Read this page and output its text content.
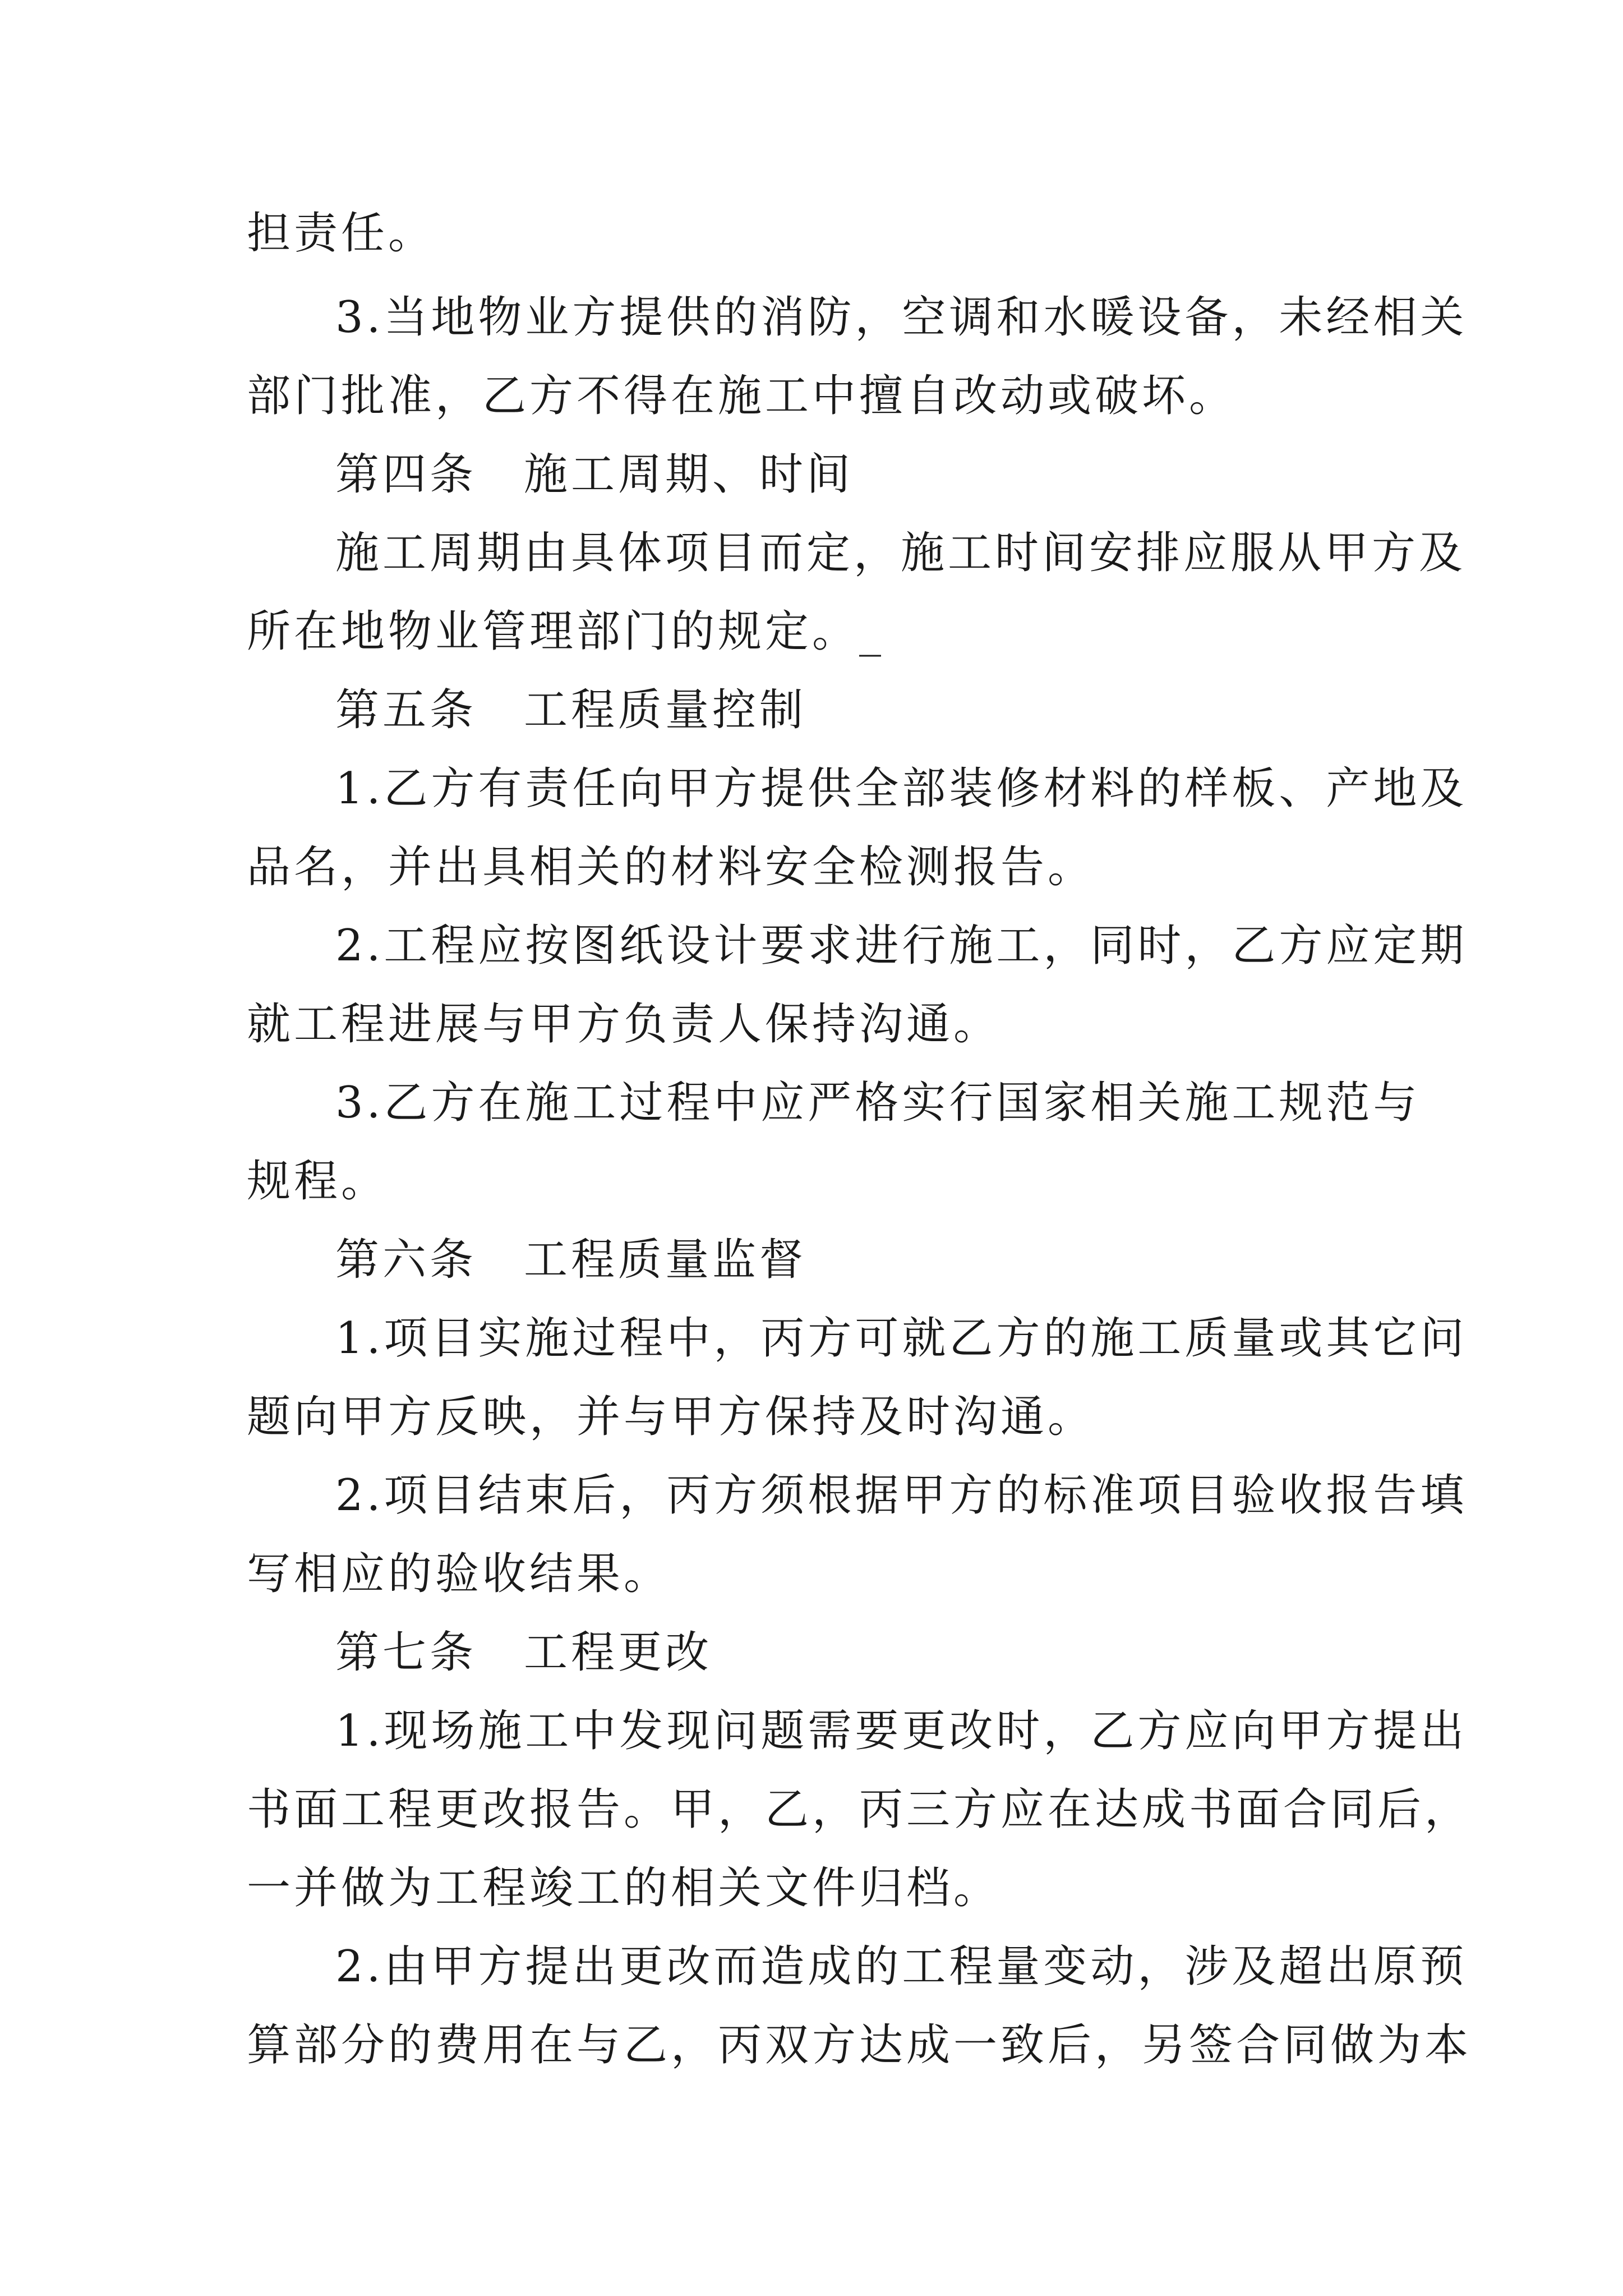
担责任。
3.当地物业方提供的消防，空调和水暖设备，未经相关
部门批准，乙方不得在施工中擅自改动或破坏。
第四条　施工周期、时间
施工周期由具体项目而定，施工时间安排应服从甲方及
所在地物业管理部门的规定。_
第五条　工程质量控制
1.乙方有责任向甲方提供全部装修材料的样板、产地及
品名，并出具相关的材料安全检测报告。
2.工程应按图纸设计要求进行施工，同时，乙方应定期
就工程进展与甲方负责人保持沟通。
3.乙方在施工过程中应严格实行国家相关施工规范与
规程。
第六条　工程质量监督
1.项目实施过程中，丙方可就乙方的施工质量或其它问
题向甲方反映，并与甲方保持及时沟通。
2.项目结束后，丙方须根据甲方的标准项目验收报告填
写相应的验收结果。
第七条　工程更改
1.现场施工中发现问题需要更改时，乙方应向甲方提出
书面工程更改报告。甲，乙，丙三方应在达成书面合同后，
一并做为工程竣工的相关文件归档。
2.由甲方提出更改而造成的工程量变动，涉及超出原预
算部分的费用在与乙，丙双方达成一致后，另签合同做为本
